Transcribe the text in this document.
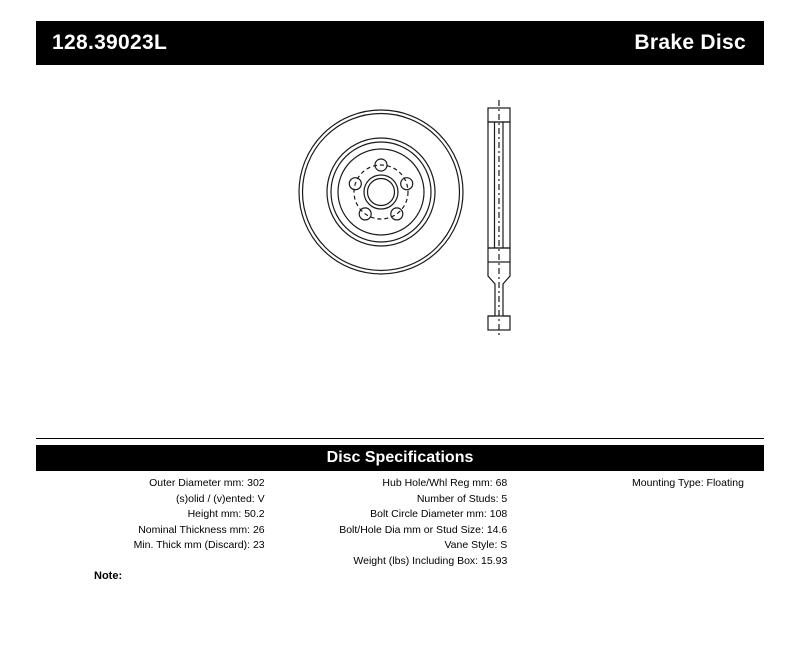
128.39023L	Brake Disc
Disc Specifications
Outer Diameter mm: 302
(s)olid / (v)ented: V
Height mm: 50.2
Nominal Thickness mm: 26
Min. Thick mm (Discard): 23
Hub Hole/Whl Reg mm: 68
Number of Studs: 5
Bolt Circle Diameter mm: 108
Bolt/Hole Dia mm or Stud Size: 14.6
Vane Style: S
Weight (lbs) Including Box: 15.93
Mounting Type: Floating
Note:
